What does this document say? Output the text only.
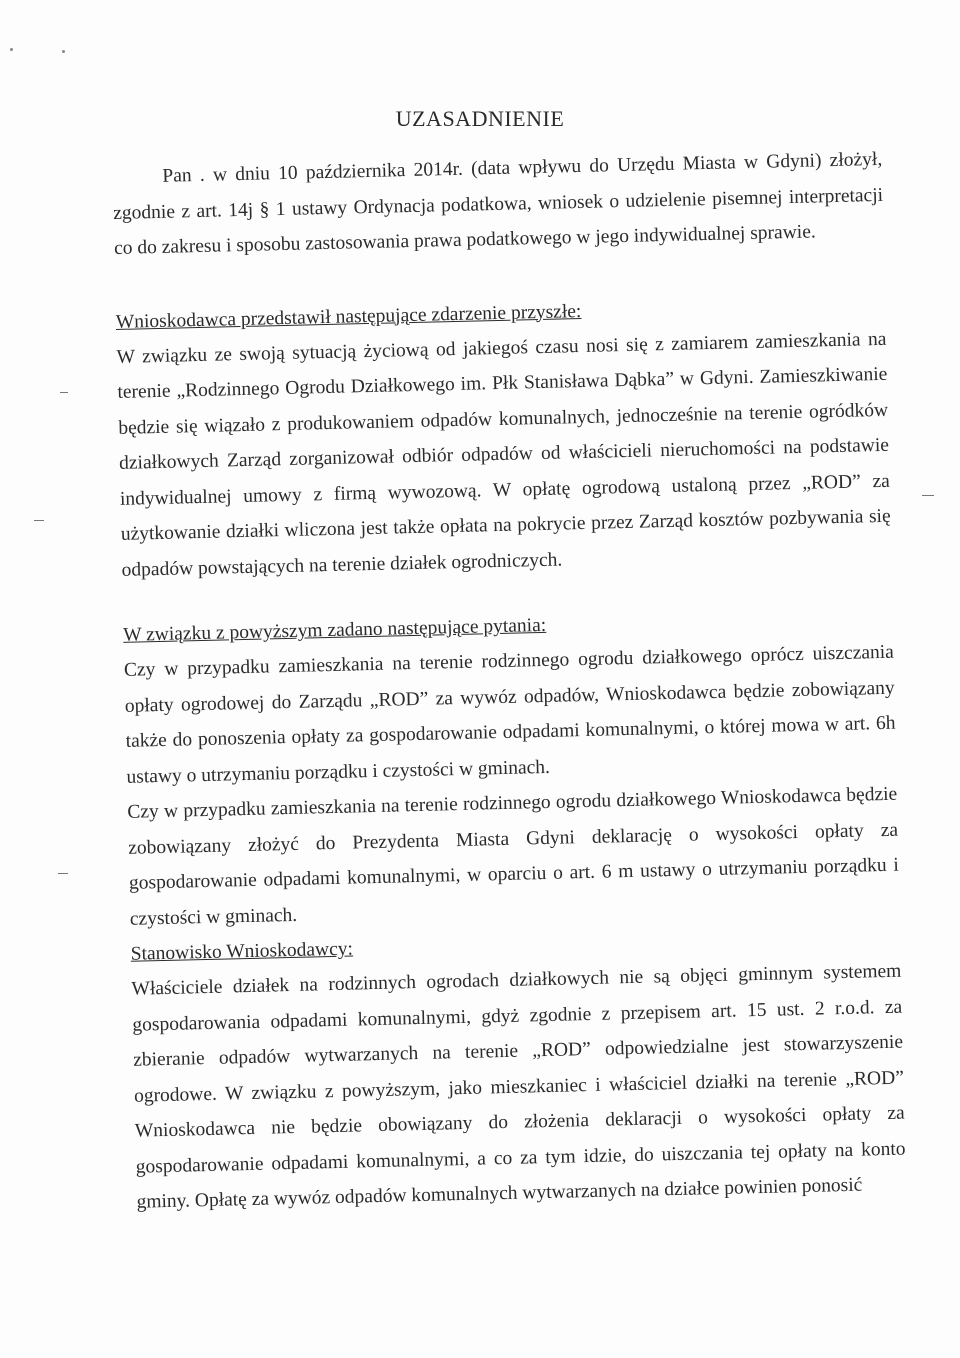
UZASADNIENIE

Pan . w dniu 10 października 2014r. (data wpływu do Urzędu Miasta w Gdyni) złożył, zgodnie z art. 14j § 1 ustawy Ordynacja podatkowa, wniosek o udzielenie pisemnej interpretacji co do zakresu i sposobu zastosowania prawa podatkowego w jego indywidualnej sprawie.

Wnioskodawca przedstawił następujące zdarzenie przyszłe:

W związku ze swoją sytuacją życiową od jakiegoś czasu nosi się z zamiarem zamieszkania na terenie „Rodzinnego Ogrodu Działkowego im. Płk Stanisława Dąbka” w Gdyni. Zamieszkiwanie będzie się wiązało z produkowaniem odpadów komunalnych, jednocześnie na terenie ogródków działkowych Zarząd zorganizował odbiór odpadów od właścicieli nieruchomości na podstawie indywidualnej umowy z firmą wywozową. W opłatę ogrodową ustaloną przez „ROD” za użytkowanie działki wliczona jest także opłata na pokrycie przez Zarząd kosztów pozbywania się odpadów powstających na terenie działek ogrodniczych.

W związku z powyższym zadano następujące pytania:

Czy w przypadku zamieszkania na terenie rodzinnego ogrodu działkowego oprócz uiszczania opłaty ogrodowej do Zarządu „ROD” za wywóz odpadów, Wnioskodawca będzie zobowiązany także do ponoszenia opłaty za gospodarowanie odpadami komunalnymi, o której mowa w art. 6h ustawy o utrzymaniu porządku i czystości w gminach.

Czy w przypadku zamieszkania na terenie rodzinnego ogrodu działkowego Wnioskodawca będzie zobowiązany złożyć do Prezydenta Miasta Gdyni deklarację o wysokości opłaty za gospodarowanie odpadami komunalnymi, w oparciu o art. 6 m ustawy o utrzymaniu porządku i czystości w gminach.

Stanowisko Wnioskodawcy:

Właściciele działek na rodzinnych ogrodach działkowych nie są objęci gminnym systemem gospodarowania odpadami komunalnymi, gdyż zgodnie z przepisem art. 15 ust. 2 r.o.d. za zbieranie odpadów wytwarzanych na terenie „ROD” odpowiedzialne jest stowarzyszenie ogrodowe. W związku z powyższym, jako mieszkaniec i właściciel działki na terenie „ROD” Wnioskodawca nie będzie obowiązany do złożenia deklaracji o wysokości opłaty za gospodarowanie odpadami komunalnymi, a co za tym idzie, do uiszczania tej opłaty na konto gminy. Opłatę za wywóz odpadów komunalnych wytwarzanych na działce powinien ponosić
